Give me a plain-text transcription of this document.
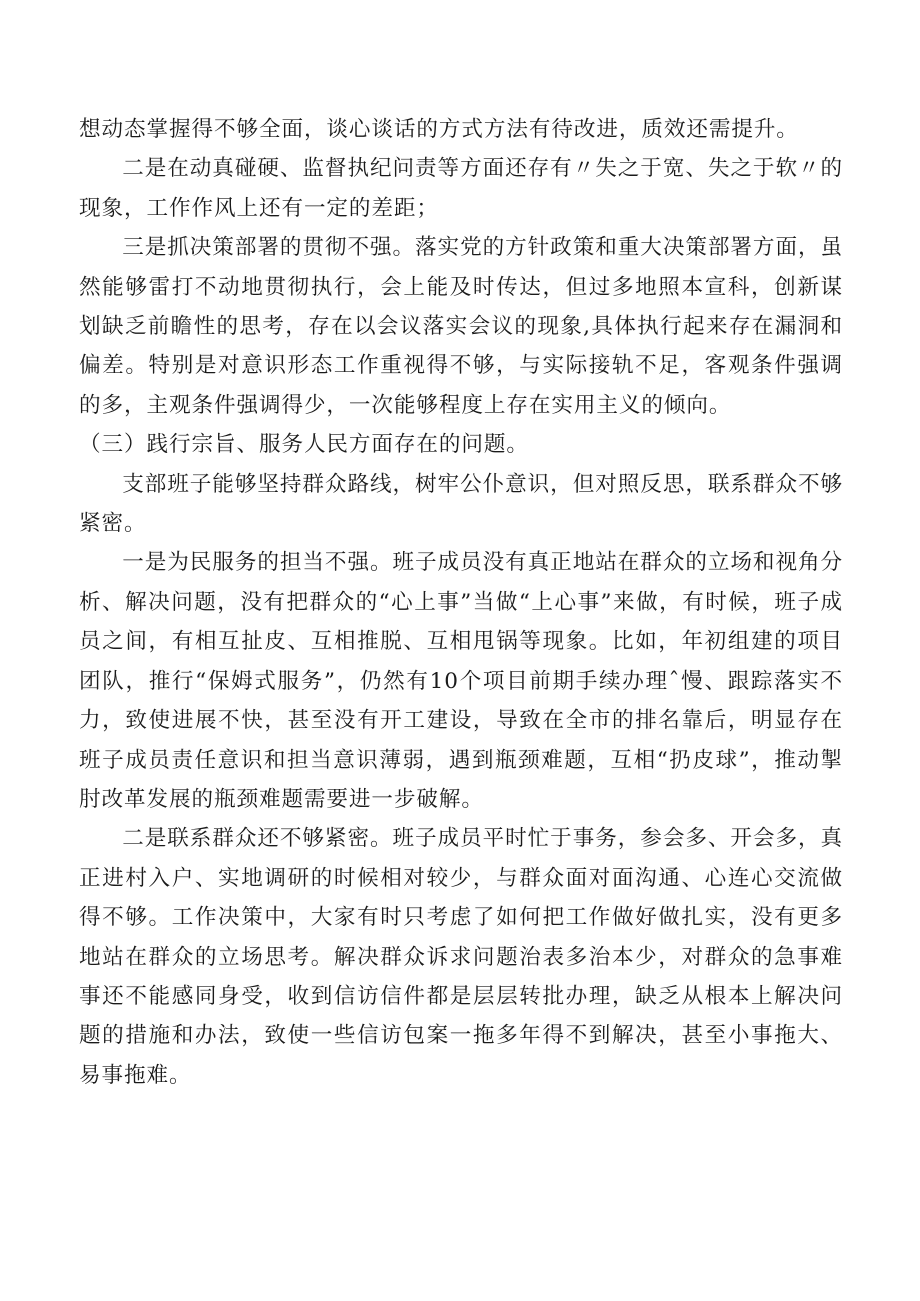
想动态掌握得不够全面，谈心谈话的方式方法有待改进，质效还需提升。

二是在动真碰硬、监督执纪问责等方面还存有〃失之于宽、失之于软〃的现象，工作作风上还有一定的差距；

三是抓决策部署的贯彻不强。落实党的方针政策和重大决策部署方面，虽然能够雷打不动地贯彻执行，会上能及时传达，但过多地照本宣科，创新谋划缺乏前瞻性的思考，存在以会议落实会议的现象,具体执行起来存在漏洞和偏差。特别是对意识形态工作重视得不够，与实际接轨不足，客观条件强调的多，主观条件强调得少，一次能够程度上存在实用主义的倾向。

（三）践行宗旨、服务人民方面存在的问题。

支部班子能够坚持群众路线，树牢公仆意识，但对照反思，联系群众不够紧密。

一是为民服务的担当不强。班子成员没有真正地站在群众的立场和视角分析、解决问题，没有把群众的“心上事”当做“上心事”来做，有时候，班子成员之间，有相互扯皮、互相推脱、互相甩锅等现象。比如，年初组建的项目团队，推行“保姆式服务”，仍然有10个项目前期手续办理ˆ慢、跟踪落实不力，致使进展不快，甚至没有开工建设，导致在全市的排名靠后，明显存在班子成员责任意识和担当意识薄弱，遇到瓶颈难题，互相“扔皮球”，推动掣肘改革发展的瓶颈难题需要进一步破解。

二是联系群众还不够紧密。班子成员平时忙于事务，参会多、开会多，真正进村入户、实地调研的时候相对较少，与群众面对面沟通、心连心交流做得不够。工作决策中，大家有时只考虑了如何把工作做好做扎实，没有更多地站在群众的立场思考。解决群众诉求问题治表多治本少，对群众的急事难事还不能感同身受，收到信访信件都是层层转批办理，缺乏从根本上解决问题的措施和办法，致使一些信访包案一拖多年得不到解决，甚至小事拖大、易事拖难。
